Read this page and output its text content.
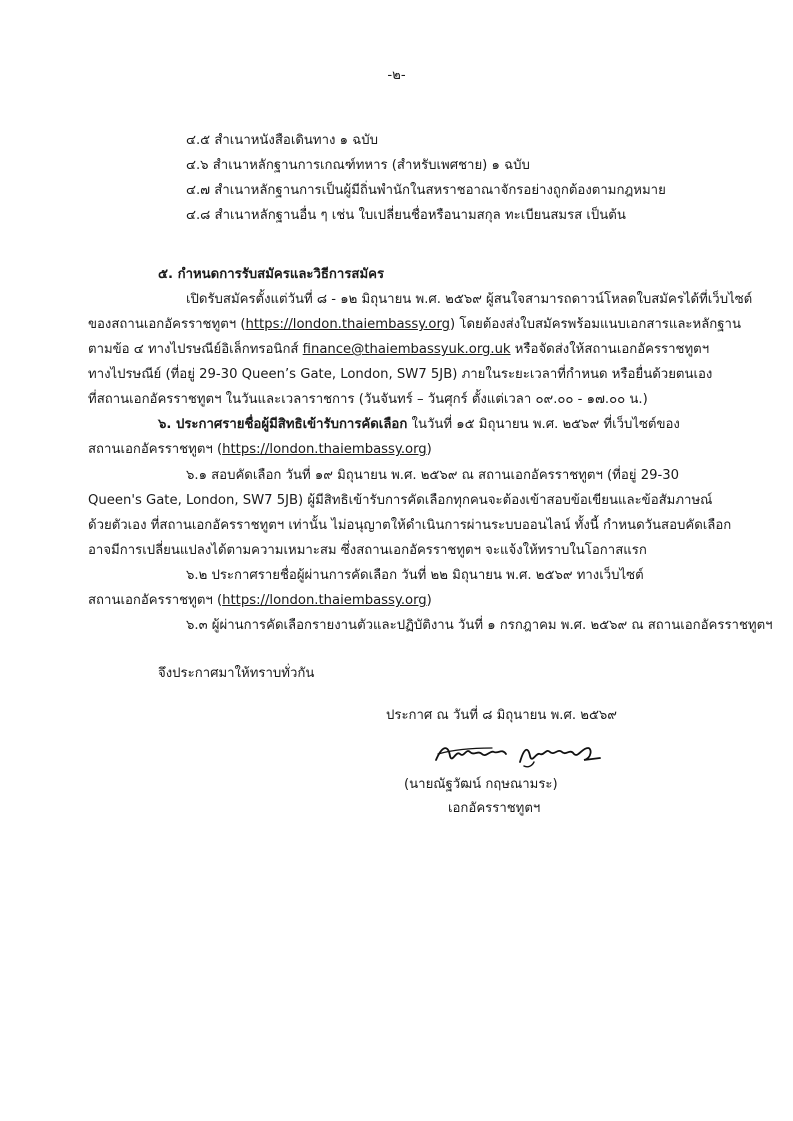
-๒-
๔.๕ สำเนาหนังสือเดินทาง ๑ ฉบับ
๔.๖ สำเนาหลักฐานการเกณฑ์ทหาร (สำหรับเพศชาย) ๑ ฉบับ
๔.๗ สำเนาหลักฐานการเป็นผู้มีถิ่นพำนักในสหราชอาณาจักรอย่างถูกต้องตามกฎหมาย
๔.๘ สำเนาหลักฐานอื่น ๆ เช่น ใบเปลี่ยนชื่อหรือนามสกุล ทะเบียนสมรส เป็นต้น
๕. กำหนดการรับสมัครและวิธีการสมัคร
เปิดรับสมัครตั้งแต่วันที่ ๘ - ๑๒ มิถุนายน พ.ศ. ๒๕๖๙ ผู้สนใจสามารถดาวน์โหลดใบสมัครได้ที่เว็บไซต์
ของสถานเอกอัครราชทูตฯ (https://london.thaiembassy.org) โดยต้องส่งใบสมัครพร้อมแนบเอกสารและหลักฐาน
ตามข้อ ๔ ทางไปรษณีย์อิเล็กทรอนิกส์ finance@thaiembassyuk.org.uk หรือจัดส่งให้สถานเอกอัครราชทูตฯ
ทางไปรษณีย์ (ที่อยู่ 29-30 Queen’s Gate, London, SW7 5JB) ภายในระยะเวลาที่กำหนด หรือยื่นด้วยตนเอง
ที่สถานเอกอัครราชทูตฯ ในวันและเวลาราชการ (วันจันทร์ – วันศุกร์ ตั้งแต่เวลา ๐๙.๐๐ - ๑๗.๐๐ น.)
๖. ประกาศรายชื่อผู้มีสิทธิเข้ารับการคัดเลือก ในวันที่ ๑๕ มิถุนายน พ.ศ. ๒๕๖๙ ที่เว็บไซต์ของ
สถานเอกอัครราชทูตฯ (https://london.thaiembassy.org)
๖.๑ สอบคัดเลือก วันที่ ๑๙ มิถุนายน พ.ศ. ๒๕๖๙ ณ สถานเอกอัครราชทูตฯ (ที่อยู่ 29-30
Queen's Gate, London, SW7 5JB) ผู้มีสิทธิเข้ารับการคัดเลือกทุกคนจะต้องเข้าสอบข้อเขียนและข้อสัมภาษณ์
ด้วยตัวเอง ที่สถานเอกอัครราชทูตฯ เท่านั้น ไม่อนุญาตให้ดำเนินการผ่านระบบออนไลน์ ทั้งนี้ กำหนดวันสอบคัดเลือก
อาจมีการเปลี่ยนแปลงได้ตามความเหมาะสม ซึ่งสถานเอกอัครราชทูตฯ จะแจ้งให้ทราบในโอกาสแรก
๖.๒ ประกาศรายชื่อผู้ผ่านการคัดเลือก วันที่ ๒๒ มิถุนายน พ.ศ. ๒๕๖๙ ทางเว็บไซต์
สถานเอกอัครราชทูตฯ (https://london.thaiembassy.org)
๖.๓ ผู้ผ่านการคัดเลือกรายงานตัวและปฏิบัติงาน วันที่ ๑ กรกฎาคม พ.ศ. ๒๕๖๙ ณ สถานเอกอัครราชทูตฯ
จึงประกาศมาให้ทราบทั่วกัน
ประกาศ ณ วันที่ ๘ มิถุนายน พ.ศ. ๒๕๖๙
(นายณัฐวัฒน์ กฤษณามระ)
เอกอัครราชทูตฯ
